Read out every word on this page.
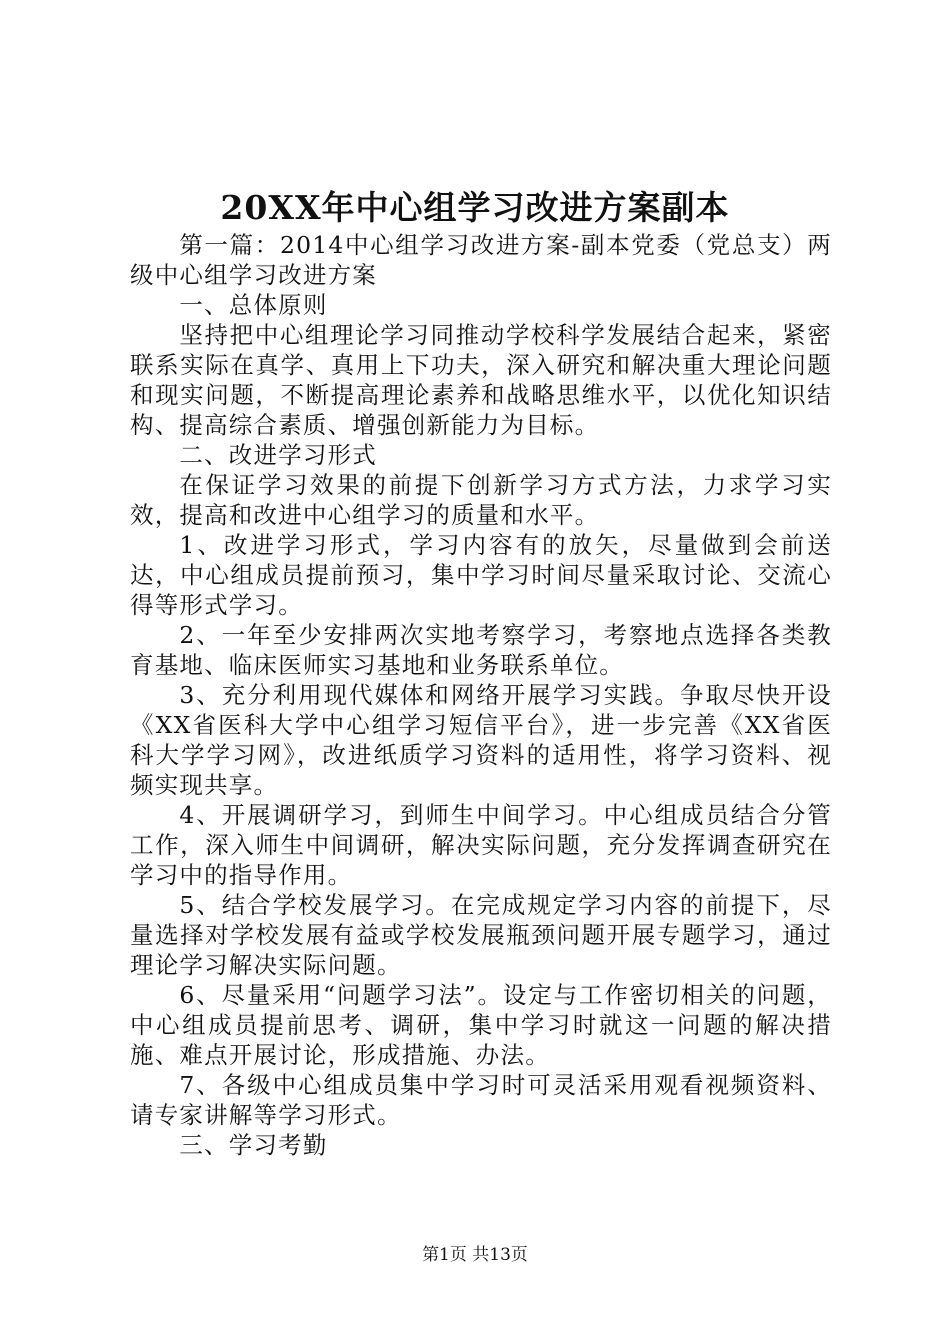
20XX年中心组学习改进方案副本

第一篇：2014中心组学习改进方案-副本党委（党总支）两级中心组学习改进方案

一、总体原则

坚持把中心组理论学习同推动学校科学发展结合起来，紧密联系实际在真学、真用上下功夫，深入研究和解决重大理论问题和现实问题，不断提高理论素养和战略思维水平，以优化知识结构、提高综合素质、增强创新能力为目标。

二、改进学习形式

在保证学习效果的前提下创新学习方式方法，力求学习实效，提高和改进中心组学习的质量和水平。

1、改进学习形式，学习内容有的放矢，尽量做到会前送达，中心组成员提前预习，集中学习时间尽量采取讨论、交流心得等形式学习。

2、一年至少安排两次实地考察学习，考察地点选择各类教育基地、临床医师实习基地和业务联系单位。

3、充分利用现代媒体和网络开展学习实践。争取尽快开设《XX省医科大学中心组学习短信平台》，进一步完善《XX省医科大学学习网》，改进纸质学习资料的适用性，将学习资料、视频实现共享。

4、开展调研学习，到师生中间学习。中心组成员结合分管工作，深入师生中间调研，解决实际问题，充分发挥调查研究在学习中的指导作用。

5、结合学校发展学习。在完成规定学习内容的前提下，尽量选择对学校发展有益或学校发展瓶颈问题开展专题学习，通过理论学习解决实际问题。

6、尽量采用“问题学习法”。设定与工作密切相关的问题，中心组成员提前思考、调研，集中学习时就这一问题的解决措施、难点开展讨论，形成措施、办法。

7、各级中心组成员集中学习时可灵活采用观看视频资料、请专家讲解等学习形式。

三、学习考勤

第1页 共13页
